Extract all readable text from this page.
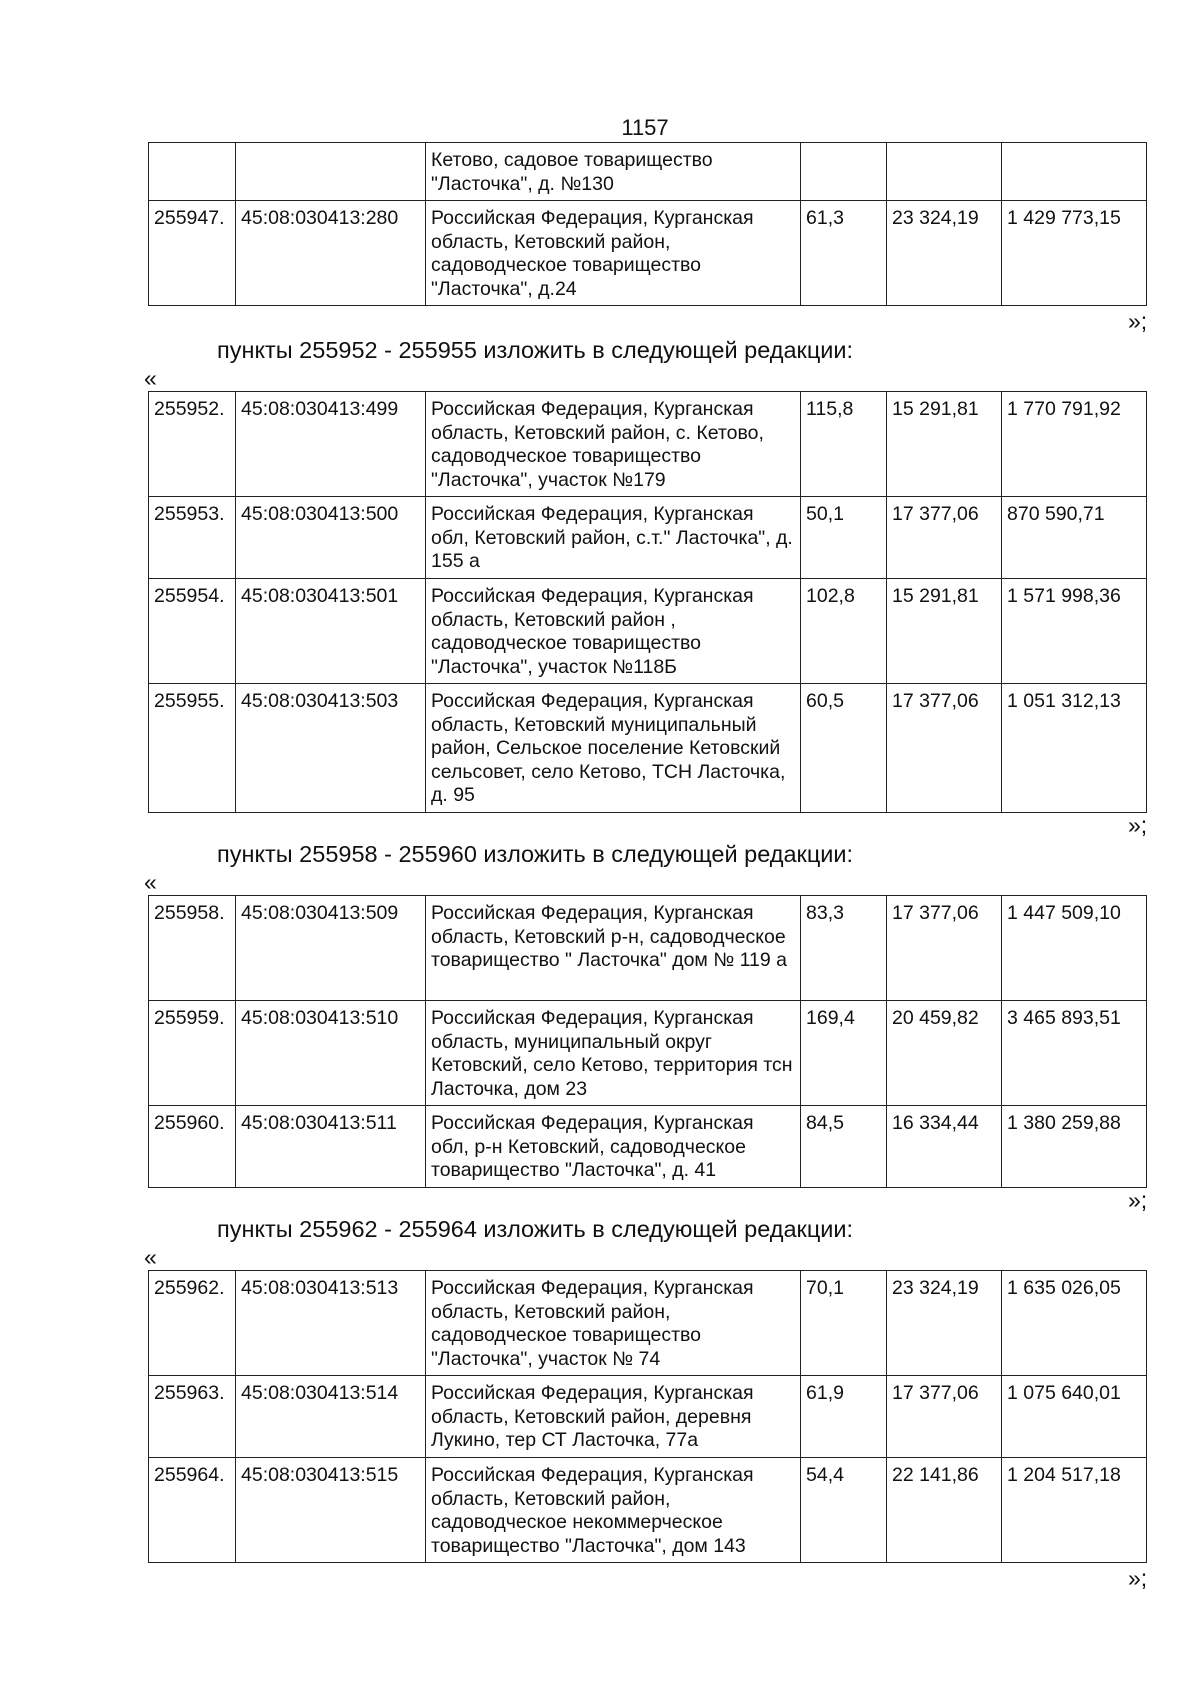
1157
		Кетово, садовое товарищество "Ласточка", д. №130			
255947.	45:08:030413:280	Российская Федерация, Курганская область, Кетовский район, садоводческое товарищество "Ласточка", д.24	61,3	23 324,19	1 429 773,15
»;
пункты 255952 - 255955 изложить в следующей редакции:
«
255952.	45:08:030413:499	Российская Федерация, Курганская область, Кетовский район, с. Кетово, садоводческое товарищество "Ласточка", участок №179	115,8	15 291,81	1 770 791,92
255953.	45:08:030413:500	Российская Федерация, Курганская обл, Кетовский район, с.т." Ласточка", д. 155 а	50,1	17 377,06	870 590,71
255954.	45:08:030413:501	Российская Федерация, Курганская область, Кетовский район , садоводческое товарищество "Ласточка", участок №118Б	102,8	15 291,81	1 571 998,36
255955.	45:08:030413:503	Российская Федерация, Курганская область, Кетовский муниципальный район, Сельское поселение Кетовский сельсовет, село Кетово, ТСН Ласточка, д. 95	60,5	17 377,06	1 051 312,13
»;
пункты 255958 - 255960 изложить в следующей редакции:
«
255958.	45:08:030413:509	Российская Федерация, Курганская область, Кетовский р-н, садоводческое товарищество " Ласточка" дом № 119 а	83,3	17 377,06	1 447 509,10
255959.	45:08:030413:510	Российская Федерация, Курганская область, муниципальный округ Кетовский, село Кетово, территория тсн Ласточка, дом 23	169,4	20 459,82	3 465 893,51
255960.	45:08:030413:511	Российская Федерация, Курганская обл, р-н Кетовский, садоводческое товарищество "Ласточка", д. 41	84,5	16 334,44	1 380 259,88
»;
пункты 255962 - 255964 изложить в следующей редакции:
«
255962.	45:08:030413:513	Российская Федерация, Курганская область, Кетовский район, садоводческое товарищество "Ласточка", участок № 74	70,1	23 324,19	1 635 026,05
255963.	45:08:030413:514	Российская Федерация, Курганская область, Кетовский район, деревня Лукино, тер СТ Ласточка, 77а	61,9	17 377,06	1 075 640,01
255964.	45:08:030413:515	Российская Федерация, Курганская область, Кетовский район, садоводческое некоммерческое товарищество "Ласточка", дом 143	54,4	22 141,86	1 204 517,18
»;
